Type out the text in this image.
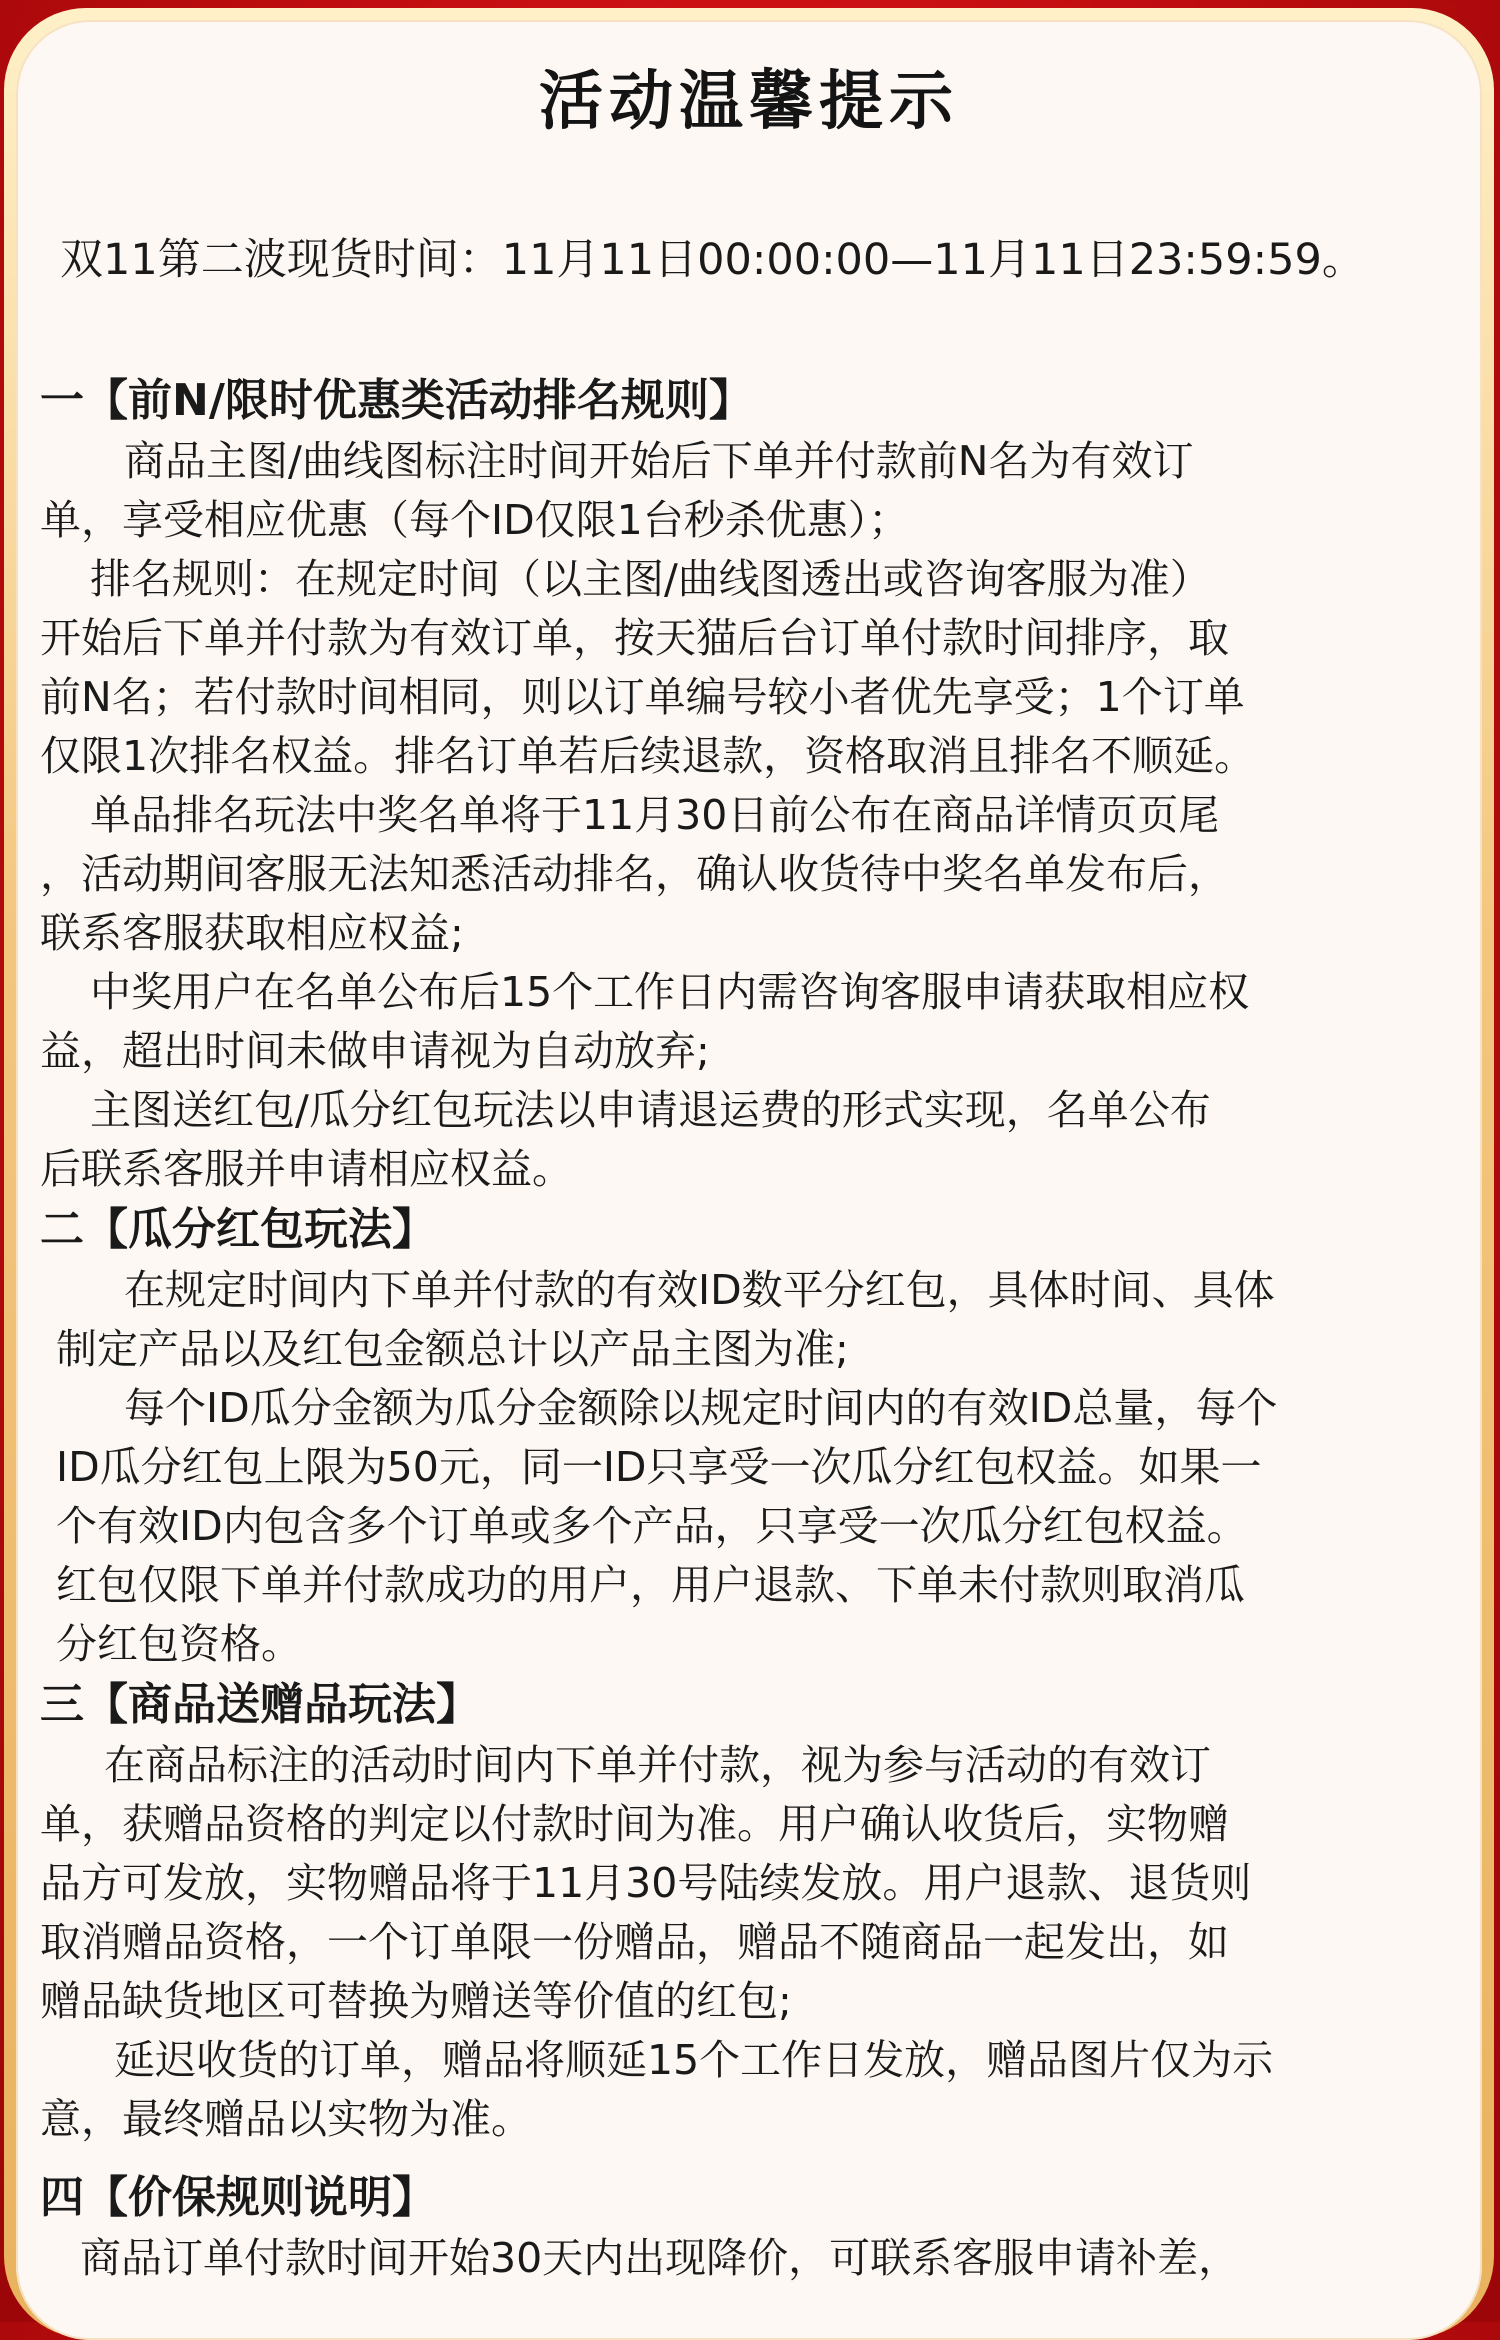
活动温馨提示
双11第二波现货时间：11月11日00:00:00—11月11日23:59:59。
一【前N/限时优惠类活动排名规则】
商品主图/曲线图标注时间开始后下单并付款前N名为有效订
单，享受相应优惠（每个ID仅限1台秒杀优惠）；
排名规则：在规定时间（以主图/曲线图透出或咨询客服为准）
开始后下单并付款为有效订单，按天猫后台订单付款时间排序，取
前N名；若付款时间相同，则以订单编号较小者优先享受；1个订单
仅限1次排名权益。排名订单若后续退款，资格取消且排名不顺延。
单品排名玩法中奖名单将于11月30日前公布在商品详情页页尾
，活动期间客服无法知悉活动排名，确认收货待中奖名单发布后，
联系客服获取相应权益;
中奖用户在名单公布后15个工作日内需咨询客服申请获取相应权
益，超出时间未做申请视为自动放弃;
主图送红包/瓜分红包玩法以申请退运费的形式实现，名单公布
后联系客服并申请相应权益。
二【瓜分红包玩法】
在规定时间内下单并付款的有效ID数平分红包，具体时间、具体
制定产品以及红包金额总计以产品主图为准;
每个ID瓜分金额为瓜分金额除以规定时间内的有效ID总量，每个
ID瓜分红包上限为50元，同一ID只享受一次瓜分红包权益。如果一
个有效ID内包含多个订单或多个产品，只享受一次瓜分红包权益。
红包仅限下单并付款成功的用户，用户退款、下单未付款则取消瓜
分红包资格。
三【商品送赠品玩法】
在商品标注的活动时间内下单并付款，视为参与活动的有效订
单，获赠品资格的判定以付款时间为准。用户确认收货后，实物赠
品方可发放，实物赠品将于11月30号陆续发放。用户退款、退货则
取消赠品资格，一个订单限一份赠品，赠品不随商品一起发出，如
赠品缺货地区可替换为赠送等价值的红包;
延迟收货的订单，赠品将顺延15个工作日发放，赠品图片仅为示
意，最终赠品以实物为准。
四【价保规则说明】
商品订单付款时间开始30天内出现降价，可联系客服申请补差，
